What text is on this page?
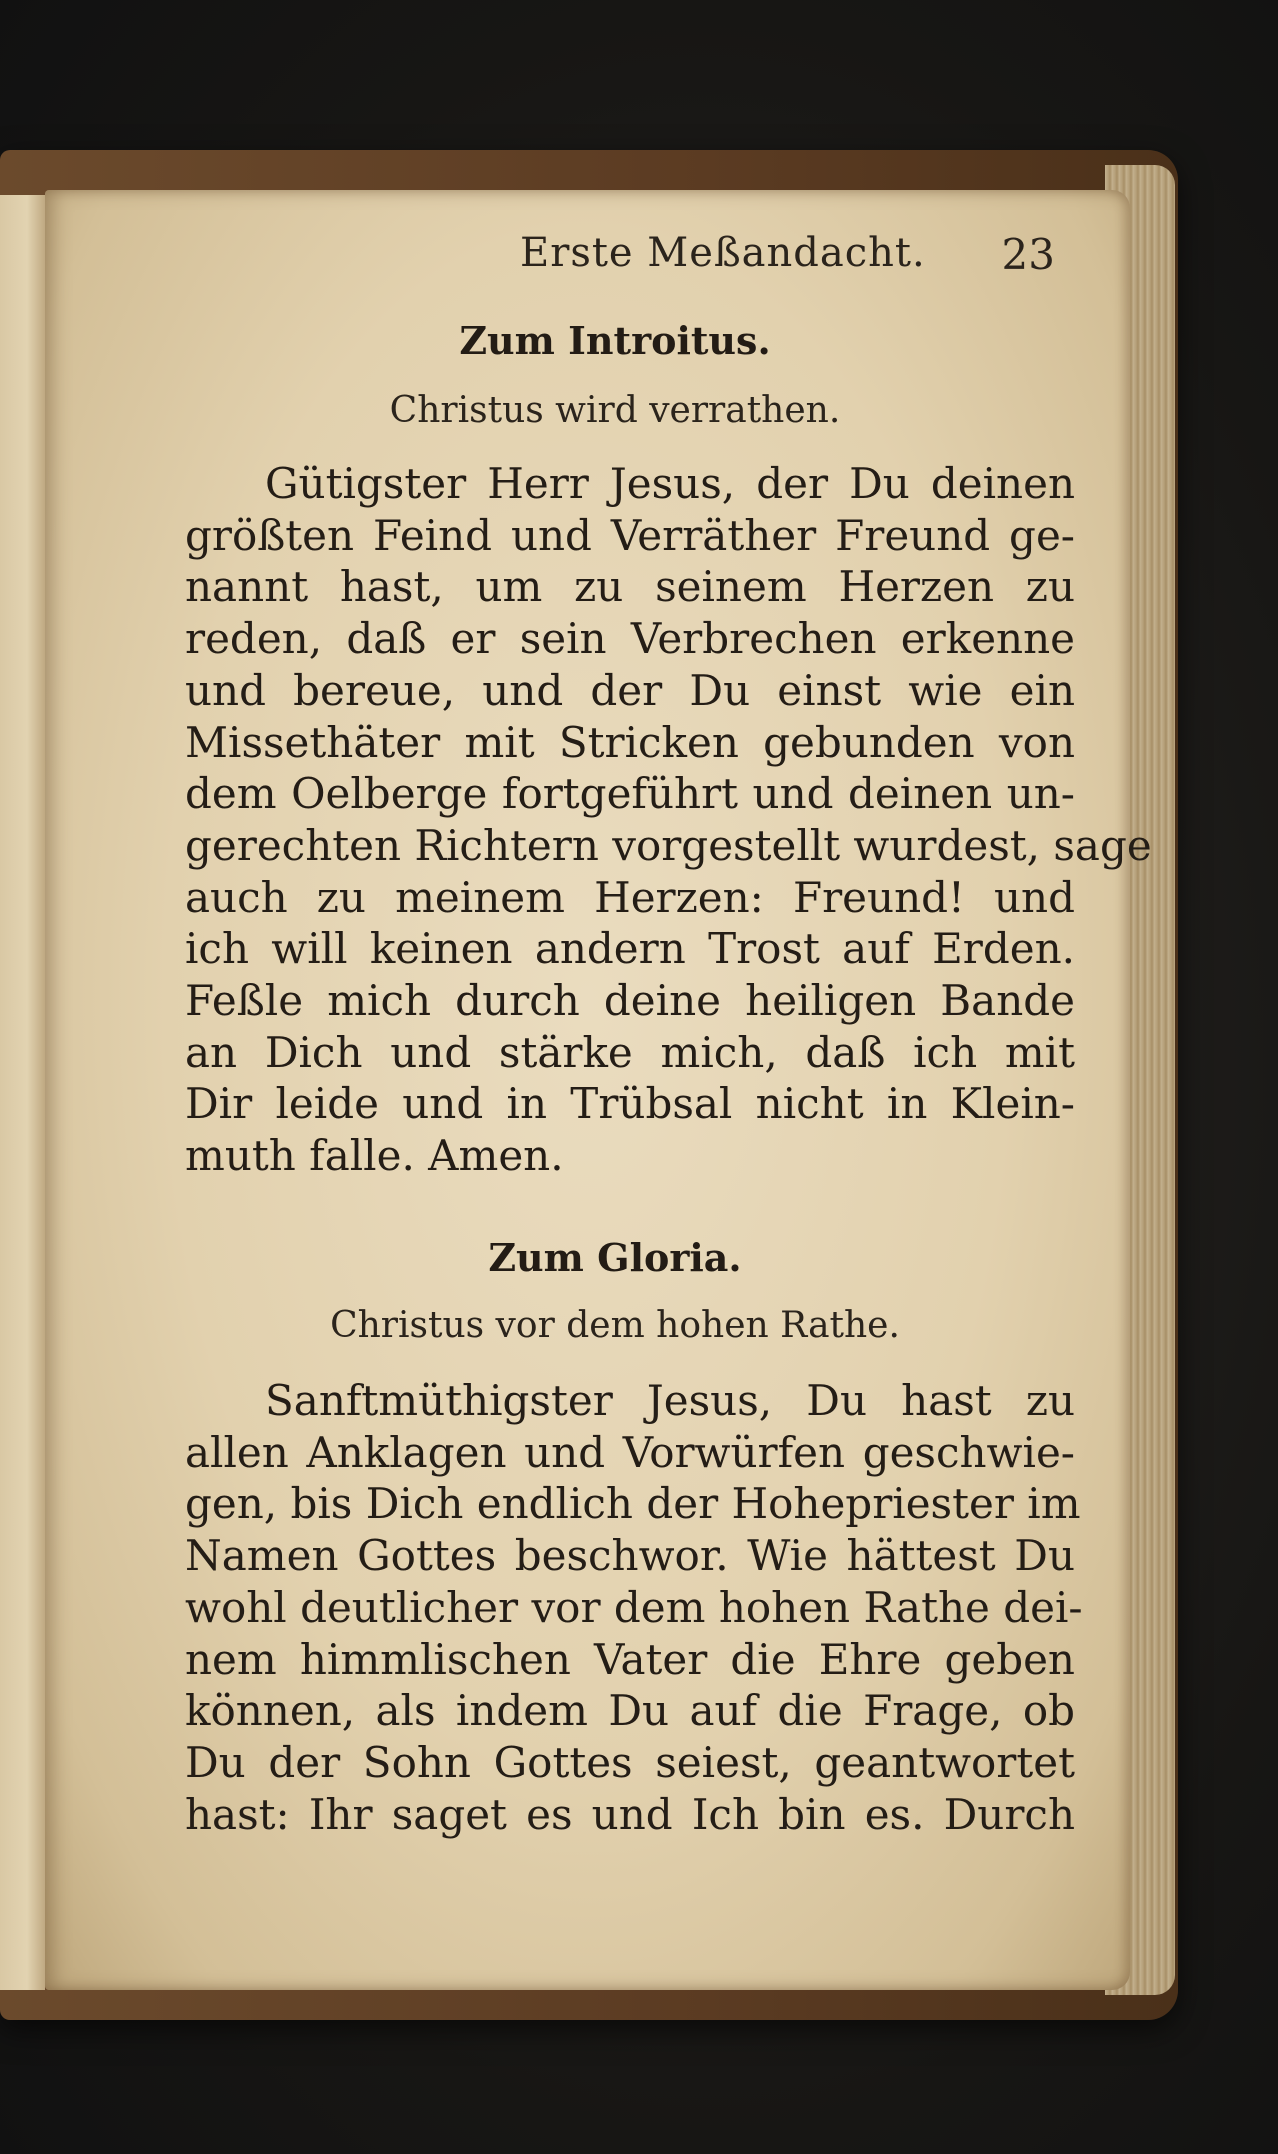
Erste Meßandacht. 23
Zum Introitus.
Christus wird verrathen.
Gütigster Herr Jesus, der Du deinen
größten Feind und Verräther Freund ge-
nannt hast, um zu seinem Herzen zu
reden, daß er sein Verbrechen erkenne
und bereue, und der Du einst wie ein
Missethäter mit Stricken gebunden von
dem Oelberge fortgeführt und deinen un-
gerechten Richtern vorgestellt wurdest, sage
auch zu meinem Herzen: Freund! und
ich will keinen andern Trost auf Erden.
Feßle mich durch deine heiligen Bande
an Dich und stärke mich, daß ich mit
Dir leide und in Trübsal nicht in Klein-
muth falle. Amen.
Zum Gloria.
Christus vor dem hohen Rathe.
Sanftmüthigster Jesus, Du hast zu
allen Anklagen und Vorwürfen geschwie-
gen, bis Dich endlich der Hohepriester im
Namen Gottes beschwor. Wie hättest Du
wohl deutlicher vor dem hohen Rathe dei-
nem himmlischen Vater die Ehre geben
können, als indem Du auf die Frage, ob
Du der Sohn Gottes seiest, geantwortet
hast: Ihr saget es und Ich bin es. Durch
